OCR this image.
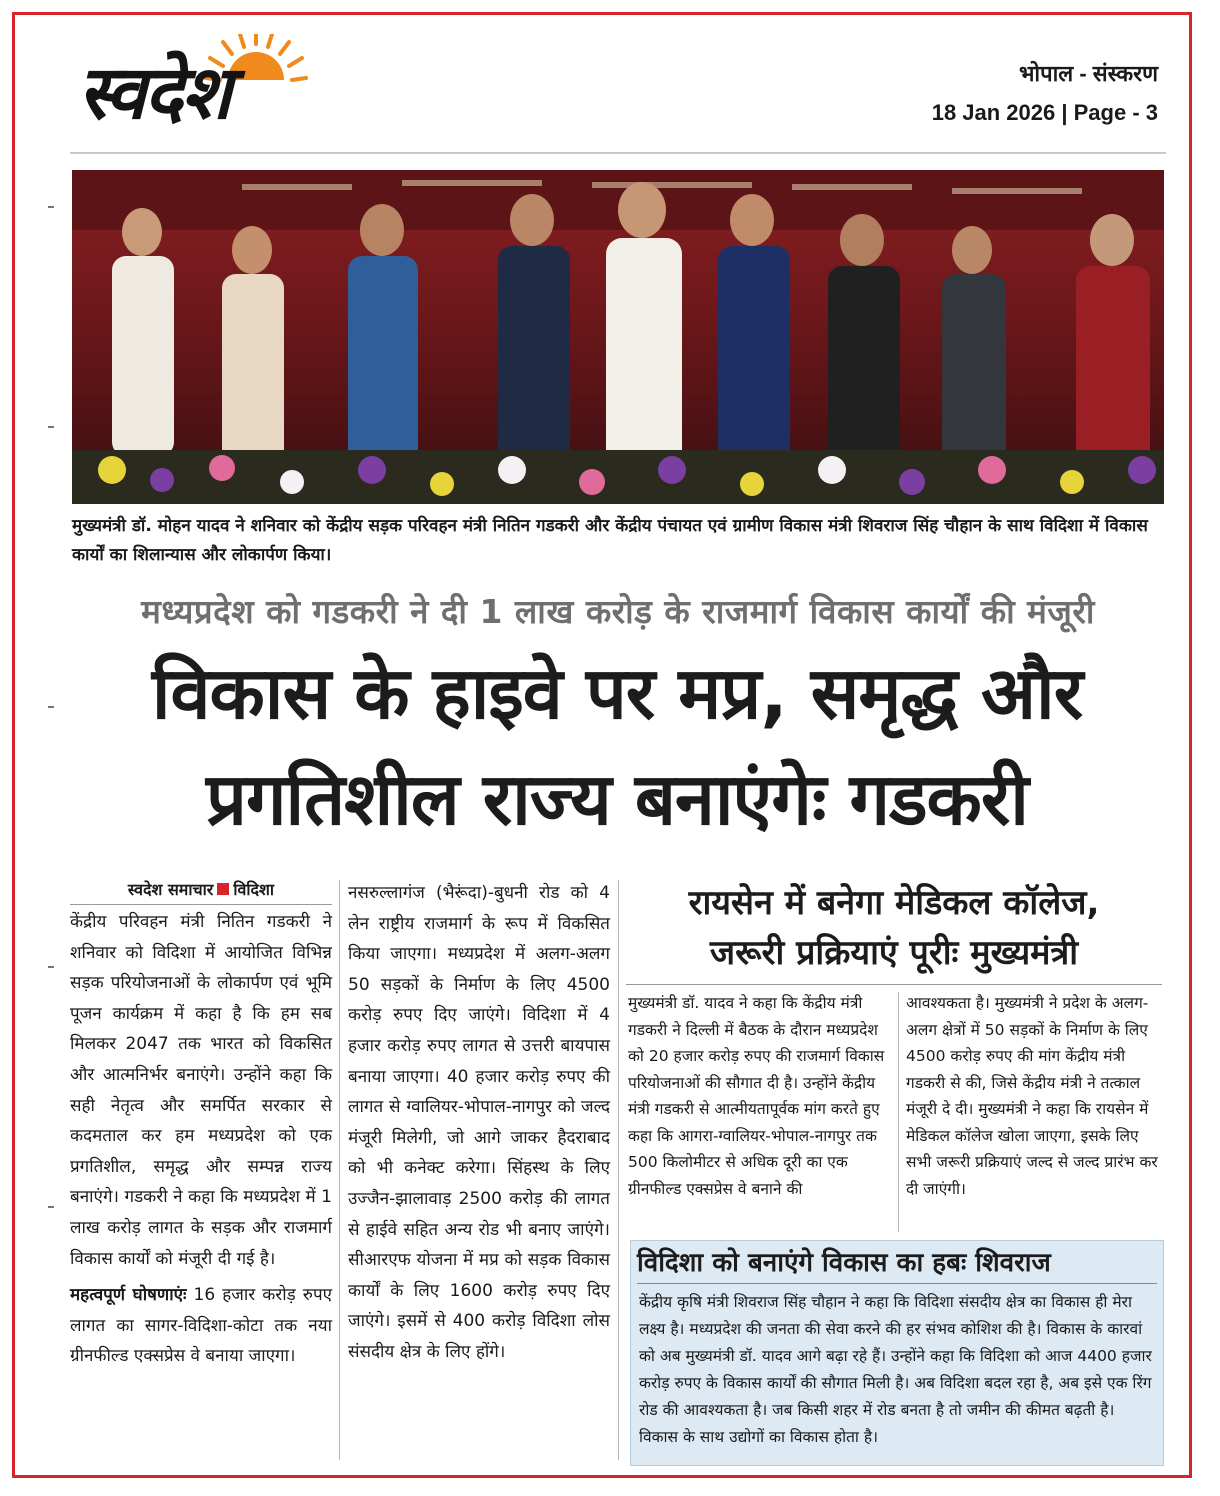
स्वदेश	भोपाल - संस्करण
18 Jan 2026 | Page - 3
मुख्यमंत्री डॉ. मोहन यादव ने शनिवार को केंद्रीय सड़क परिवहन मंत्री नितिन गडकरी और केंद्रीय पंचायत एवं ग्रामीण विकास मंत्री शिवराज सिंह चौहान के साथ विदिशा में विकास कार्यों का शिलान्यास और लोकार्पण किया।
मध्यप्रदेश को गडकरी ने दी 1 लाख करोड़ के राजमार्ग विकास कार्यों की मंजूरी
विकास के हाइवे पर मप्र, समृद्ध और
प्रगतिशील राज्य बनाएंगेः गडकरी
स्वदेश समाचार विदिशा
केंद्रीय परिवहन मंत्री नितिन गडकरी ने शनिवार को विदिशा में आयोजित विभिन्न सड़क परियोजनाओं के लोकार्पण एवं भूमि पूजन कार्यक्रम में कहा है कि हम सब मिलकर 2047 तक भारत को विकसित और आत्मनिर्भर बनाएंगे। उन्होंने कहा कि सही नेतृत्व और समर्पित सरकार से कदमताल कर हम मध्यप्रदेश को एक प्रगतिशील, समृद्ध और सम्पन्न राज्य बनाएंगे। गडकरी ने कहा कि मध्यप्रदेश में 1 लाख करोड़ लागत के सड़क और राजमार्ग विकास कार्यों को मंजूरी दी गई है।
महत्वपूर्ण घोषणाएंः 16 हजार करोड़ रुपए लागत का सागर-विदिशा-कोटा तक नया ग्रीनफील्ड एक्सप्रेस वे बनाया जाएगा।
नसरुल्लागंज (भैरूंदा)-बुधनी रोड को 4 लेन राष्ट्रीय राजमार्ग के रूप में विकसित किया जाएगा। मध्यप्रदेश में अलग-अलग 50 सड़कों के निर्माण के लिए 4500 करोड़ रुपए दिए जाएंगे। विदिशा में 4 हजार करोड़ रुपए लागत से उत्तरी बायपास बनाया जाएगा। 40 हजार करोड़ रुपए की लागत से ग्वालियर-भोपाल-नागपुर को जल्द मंजूरी मिलेगी, जो आगे जाकर हैदराबाद को भी कनेक्ट करेगा। सिंहस्थ के लिए उज्जैन-झालावाड़ 2500 करोड़ की लागत से हाईवे सहित अन्य रोड भी बनाए जाएंगे। सीआरएफ योजना में मप्र को सड़क विकास कार्यों के लिए 1600 करोड़ रुपए दिए जाएंगे। इसमें से 400 करोड़ विदिशा लोस संसदीय क्षेत्र के लिए होंगे।
रायसेन में बनेगा मेडिकल कॉलेज,
जरूरी प्रक्रियाएं पूरीः मुख्यमंत्री
मुख्यमंत्री डॉ. यादव ने कहा कि केंद्रीय मंत्री गडकरी ने दिल्ली में बैठक के दौरान मध्यप्रदेश को 20 हजार करोड़ रुपए की राजमार्ग विकास परियोजनाओं की सौगात दी है। उन्होंने केंद्रीय मंत्री गडकरी से आत्मीयतापूर्वक मांग करते हुए कहा कि आगरा-ग्वालियर-भोपाल-नागपुर तक 500 किलोमीटर से अधिक दूरी का एक ग्रीनफील्ड एक्सप्रेस वे बनाने की
आवश्यकता है। मुख्यमंत्री ने प्रदेश के अलग-अलग क्षेत्रों में 50 सड़कों के निर्माण के लिए 4500 करोड़ रुपए की मांग केंद्रीय मंत्री गडकरी से की, जिसे केंद्रीय मंत्री ने तत्काल मंजूरी दे दी। मुख्यमंत्री ने कहा कि रायसेन में मेडिकल कॉलेज खोला जाएगा, इसके लिए सभी जरूरी प्रक्रियाएं जल्द से जल्द प्रारंभ कर दी जाएंगी।
विदिशा को बनाएंगे विकास का हबः शिवराज
केंद्रीय कृषि मंत्री शिवराज सिंह चौहान ने कहा कि विदिशा संसदीय क्षेत्र का विकास ही मेरा लक्ष्य है। मध्यप्रदेश की जनता की सेवा करने की हर संभव कोशिश की है। विकास के कारवां को अब मुख्यमंत्री डॉ. यादव आगे बढ़ा रहे हैं। उन्होंने कहा कि विदिशा को आज 4400 हजार करोड़ रुपए के विकास कार्यों की सौगात मिली है। अब विदिशा बदल रहा है, अब इसे एक रिंग रोड की आवश्यकता है। जब किसी शहर में रोड बनता है तो जमीन की कीमत बढ़ती है। विकास के साथ उद्योगों का विकास होता है।
